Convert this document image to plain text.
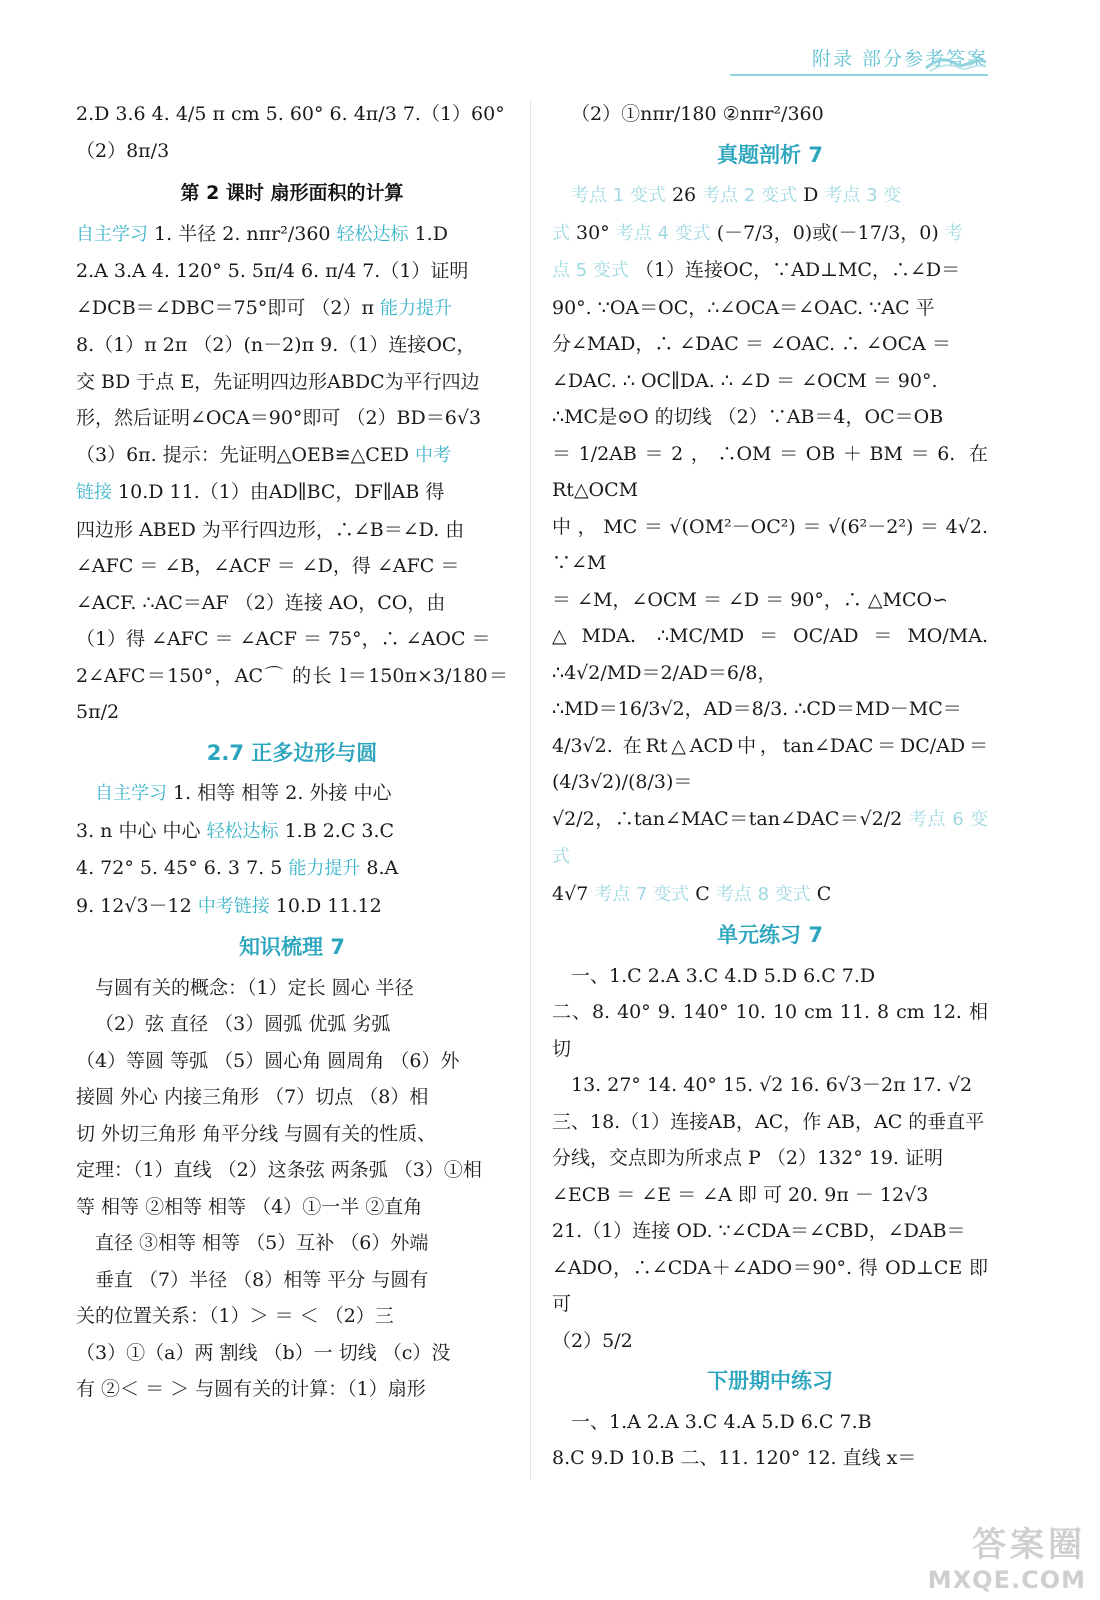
附录 部分参考答案
2.D 3.6 4. 4/5 π cm 5. 60° 6. 4π/3 7.（1）60°
（2）8π/3
第 2 课时 扇形面积的计算
自主学习 1. 半径 2. nπr²/360 轻松达标 1.D
2.A 3.A 4. 120° 5. 5π/4 6. π/4 7.（1）证明
∠DCB＝∠DBC＝75°即可 （2）π 能力提升
8.（1）π 2π （2）(n－2)π 9.（1）连接OC，
交 BD 于点 E，先证明四边形ABDC为平行四边
形，然后证明∠OCA＝90°即可 （2）BD＝6√3
（3）6π. 提示：先证明△OEB≌△CED 中考
链接 10.D 11.（1）由AD∥BC，DF∥AB 得
四边形 ABED 为平行四边形，∴∠B＝∠D. 由
∠AFC ＝ ∠B，∠ACF ＝ ∠D，得 ∠AFC ＝
∠ACF. ∴AC＝AF （2）连接 AO，CO，由
（1）得 ∠AFC ＝ ∠ACF ＝ 75°，∴ ∠AOC ＝
2∠AFC＝150°，AC⌒ 的长 l＝150π×3/180＝5π/2
2.7 正多边形与圆
自主学习 1. 相等 相等 2. 外接 中心
3. n 中心 中心 轻松达标 1.B 2.C 3.C
4. 72° 5. 45° 6. 3 7. 5 能力提升 8.A
9. 12√3－12 中考链接 10.D 11.12
知识梳理 7
与圆有关的概念：（1）定长 圆心 半径
（2）弦 直径 （3）圆弧 优弧 劣弧
（4）等圆 等弧 （5）圆心角 圆周角 （6）外
接圆 外心 内接三角形 （7）切点 （8）相
切 外切三角形 角平分线 与圆有关的性质、
定理：（1）直线 （2）这条弦 两条弧 （3）①相
等 相等 ②相等 相等 （4）①一半 ②直角
直径 ③相等 相等 （5）互补 （6）外端
垂直 （7）半径 （8）相等 平分 与圆有
关的位置关系：（1）＞ ＝ ＜ （2）三
（3）①（a）两 割线 （b）一 切线 （c）没
有 ②＜ ＝ ＞ 与圆有关的计算：（1）扇形
（2）①nπr/180 ②nπr²/360
真题剖析 7
考点 1 变式 26 考点 2 变式 D 考点 3 变
式 30° 考点 4 变式 (－7/3，0)或(－17/3，0) 考
点 5 变式 （1）连接OC，∵AD⊥MC，∴∠D＝
90°. ∵OA＝OC，∴∠OCA＝∠OAC. ∵AC 平
分∠MAD，∴ ∠DAC ＝ ∠OAC. ∴ ∠OCA ＝
∠DAC. ∴ OC∥DA. ∴ ∠D ＝ ∠OCM ＝ 90°.
∴MC是⊙O 的切线 （2）∵AB＝4，OC＝OB
＝1/2AB＝2，∴OM＝OB＋BM＝6. 在 Rt△OCM
中，MC＝√(OM²－OC²)＝√(6²－2²)＝4√2. ∵∠M
＝ ∠M，∠OCM ＝ ∠D ＝ 90°，∴ △MCO∽
△MDA. ∴MC/MD＝OC/AD＝MO/MA. ∴4√2/MD＝2/AD＝6/8，
∴MD＝16/3√2，AD＝8/3. ∴CD＝MD－MC＝
4/3√2. 在Rt△ACD中，tan∠DAC＝DC/AD＝(4/3√2)/(8/3)＝
√2/2，∴tan∠MAC＝tan∠DAC＝√2/2 考点 6 变式
4√7 考点 7 变式 C 考点 8 变式 C
单元练习 7
一、1.C 2.A 3.C 4.D 5.D 6.C 7.D
二、8. 40° 9. 140° 10. 10 cm 11. 8 cm 12. 相切
13. 27° 14. 40° 15. √2 16. 6√3－2π 17. √2
三、18.（1）连接AB，AC，作 AB，AC 的垂直平
分线，交点即为所求点 P （2）132° 19. 证明
∠ECB ＝ ∠E ＝ ∠A 即 可 20. 9π － 12√3
21.（1）连接 OD. ∵∠CDA＝∠CBD，∠DAB＝
∠ADO，∴∠CDA＋∠ADO＝90°. 得 OD⊥CE 即可
（2）5/2
下册期中练习
一、1.A 2.A 3.C 4.A 5.D 6.C 7.B
8.C 9.D 10.B 二、11. 120° 12. 直线 x＝
答案圈
MXQE.COM
